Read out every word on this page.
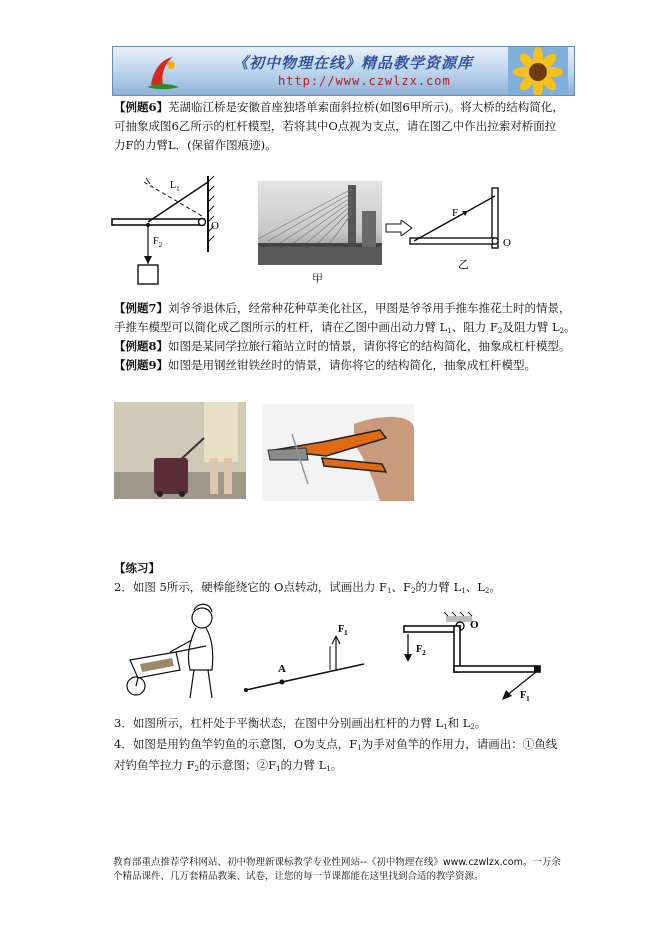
《初中物理在线》精品教学资源库
http://www.czwlzx.com
【例题6】芜湖临江桥是安徽首座独塔单索面斜拉桥(如图6甲所示)。将大桥的结构简化，
可抽象成图6乙所示的杠杆模型，若将其中O点视为支点，请在图乙中作出拉索对桥面拉
力F的力臂L．(保留作图痕迹)。
$L_1$
O
$F_2$
甲
F
O
乙
【例题7】刘爷爷退休后，经常种花种草美化社区，甲图是爷爷用手推车推花土时的情景，
手推车模型可以简化成乙图所示的杠杆，请在乙图中画出动力臂 $L_1$、阻力 $F_2$及阻力臂 $L_2$。
【例题8】如图是某同学拉旅行箱站立时的情景，请你将它的结构简化，抽象成杠杆模型。
【例题9】如图是用钢丝钳铁丝时的情景，请你将它的结构简化，抽象成杠杆模型。
【练习】
2．如图 5所示，硬棒能绕它的 O点转动，试画出力 $F_1$、$F_2$的力臂 $L_1$、$L_2$。
A
$F_1$
O
$F_2$
$F_1$
3．如图所示，杠杆处于平衡状态，在图中分别画出杠杆的力臂 $L_1$和 $L_2$。
4．如图是用钓鱼竿钓鱼的示意图，O为支点，$F_1$为手对鱼竿的作用力，请画出：①鱼线
对钓鱼竿拉力 $F_2$的示意图；$②F_1$的力臂 $L_1$。
教育部重点推荐学科网站、初中物理新课标教学专业性网站--《初中物理在线》www.czwlzx.com。一万余
个精品课件、几万套精品教案、试卷，让您的每一节课都能在这里找到合适的教学资源。
